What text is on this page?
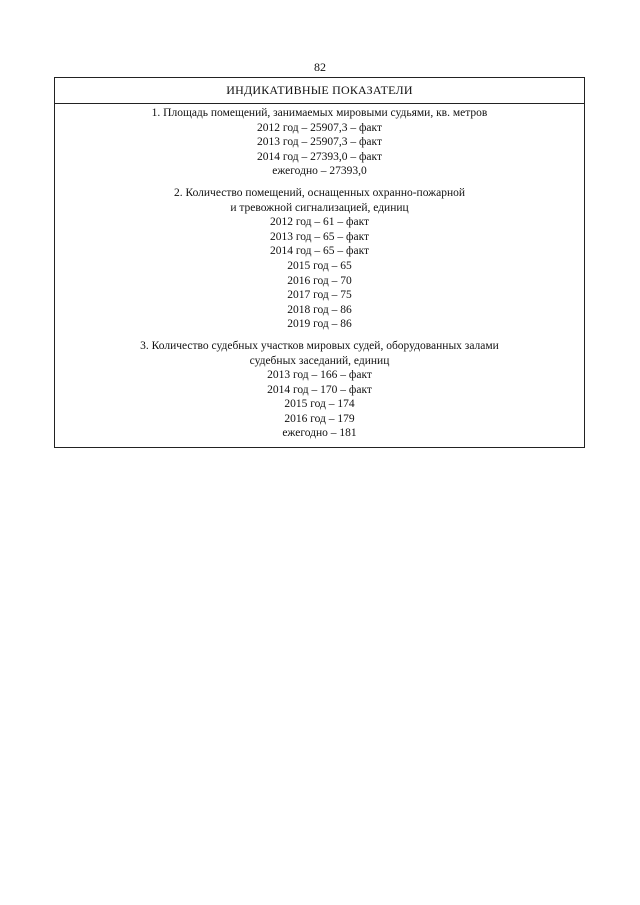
82
ИНДИКАТИВНЫЕ ПОКАЗАТЕЛИ
1. Площадь помещений, занимаемых мировыми судьями, кв. метров
2012 год – 25907,3 – факт
2013 год – 25907,3 – факт
2014 год – 27393,0 – факт
ежегодно – 27393,0
2. Количество помещений, оснащенных охранно-пожарной
и тревожной сигнализацией, единиц
2012 год – 61 – факт
2013 год – 65 – факт
2014 год – 65 – факт
2015 год – 65
2016 год – 70
2017 год – 75
2018 год – 86
2019 год – 86
3. Количество судебных участков мировых судей, оборудованных залами
судебных заседаний, единиц
2013 год – 166 – факт
2014 год – 170 – факт
2015 год – 174
2016 год – 179
ежегодно – 181
